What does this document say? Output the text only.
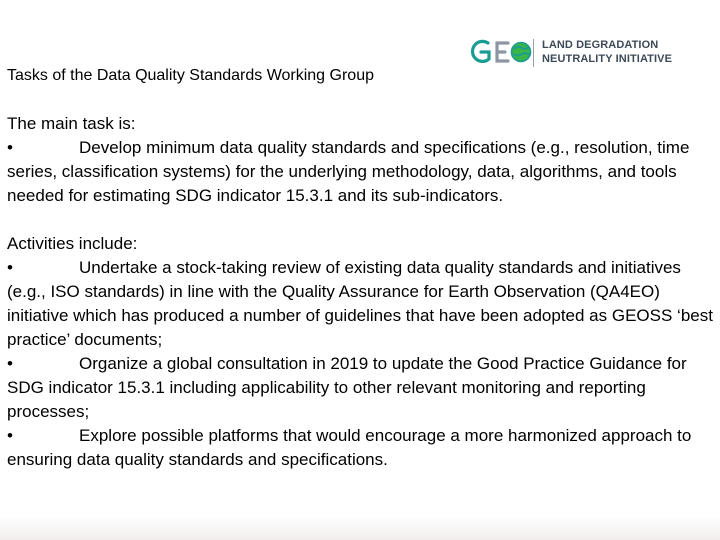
LAND DEGRADATION
NEUTRALITY INITIATIVE
Tasks of the Data Quality Standards Working Group

The main task is:
•	Develop minimum data quality standards and specifications (e.g., resolution, time series, classification systems) for the underlying methodology, data, algorithms, and tools needed for estimating SDG indicator 15.3.1 and its sub-indicators.

Activities include:
•	Undertake a stock-taking review of existing data quality standards and initiatives (e.g., ISO standards) in line with the Quality Assurance for Earth Observation (QA4EO) initiative which has produced a number of guidelines that have been adopted as GEOSS ‘best practice’ documents;
•	Organize a global consultation in 2019 to update the Good Practice Guidance for SDG indicator 15.3.1 including applicability to other relevant monitoring and reporting processes;
•	Explore possible platforms that would encourage a more harmonized approach to ensuring data quality standards and specifications.
